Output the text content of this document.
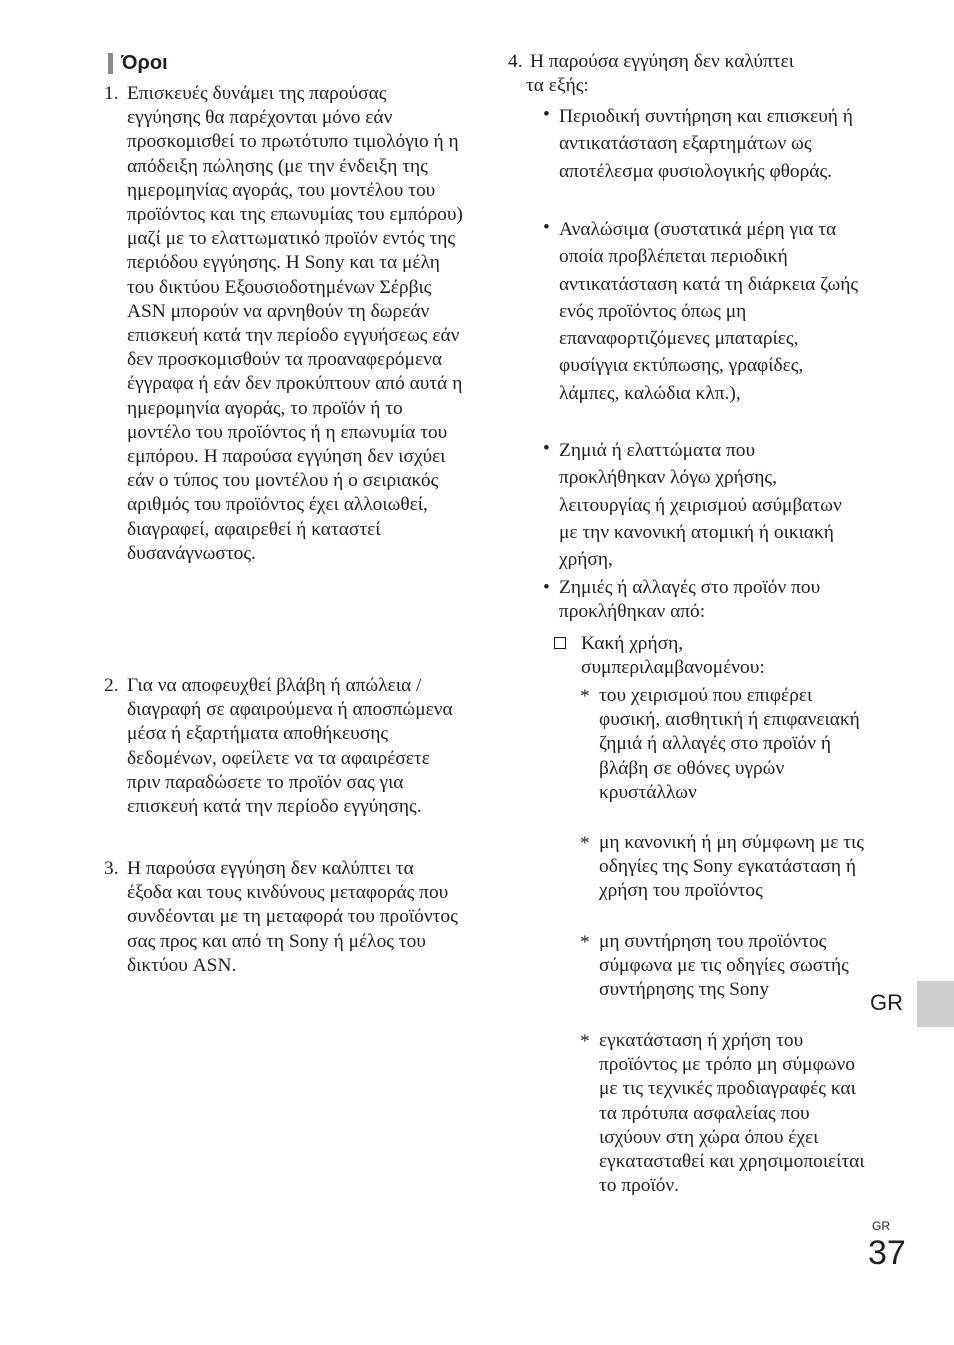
Όροι
1. Επισκευές δυνάμει της παρούσας εγγύησης θα παρέχονται μόνο εάν προσκομισθεί το πρωτότυπο τιμολόγιο ή η απόδειξη πώλησης (με την ένδειξη της ημερομηνίας αγοράς, του μοντέλου του προϊόντος και της επωνυμίας του εμπόρου) μαζί με το ελαττωματικό προϊόν εντός της περιόδου εγγύησης. Η Sony και τα μέλη του δικτύου Εξουσιοδοτημένων Σέρβις ASN μπορούν να αρνηθούν τη δωρεάν επισκευή κατά την περίοδο εγγυήσεως εάν δεν προσκομισθούν τα προαναφερόμενα έγγραφα ή εάν δεν προκύπτουν από αυτά η ημερομηνία αγοράς, το προϊόν ή το μοντέλο του προϊόντος ή η επωνυμία του εμπόρου. Η παρούσα εγγύηση δεν ισχύει εάν ο τύπος του μοντέλου ή ο σειριακός αριθμός του προϊόντος έχει αλλοιωθεί, διαγραφεί, αφαιρεθεί ή καταστεί δυσανάγνωστος.
2. Για να αποφευχθεί βλάβη ή απώλεια / διαγραφή σε αφαιρούμενα ή αποσπώμενα μέσα ή εξαρτήματα αποθήκευσης δεδομένων, οφείλετε να τα αφαιρέσετε πριν παραδώσετε το προϊόν σας για επισκευή κατά την περίοδο εγγύησης.
3. Η παρούσα εγγύηση δεν καλύπτει τα έξοδα και τους κινδύνους μεταφοράς που συνδέονται με τη μεταφορά του προϊόντος σας προς και από τη Sony ή μέλος του δικτύου ASN.
4. Η παρούσα εγγύηση δεν καλύπτει
τα εξής:
• Περιοδική συντήρηση και επισκευή ή αντικατάσταση εξαρτημάτων ως αποτέλεσμα φυσιολογικής φθοράς.
• Αναλώσιμα (συστατικά μέρη για τα οποία προβλέπεται περιοδική αντικατάσταση κατά τη διάρκεια ζωής ενός προϊόντος όπως μη επαναφορτιζόμενες μπαταρίες, φυσίγγια εκτύπωσης, γραφίδες, λάμπες, καλώδια κλπ.),
• Ζημιά ή ελαττώματα που προκλήθηκαν λόγω χρήσης, λειτουργίας ή χειρισμού ασύμβατων με την κανονική ατομική ή οικιακή χρήση,
• Ζημιές ή αλλαγές στο προϊόν που προκλήθηκαν από:
Κακή χρήση, συμπεριλαμβανομένου:
* του χειρισμού που επιφέρει φυσική, αισθητική ή επιφανειακή ζημιά ή αλλαγές στο προϊόν ή βλάβη σε οθόνες υγρών κρυστάλλων
* μη κανονική ή μη σύμφωνη με τις οδηγίες της Sony εγκατάσταση ή χρήση του προϊόντος
* μη συντήρηση του προϊόντος σύμφωνα με τις οδηγίες σωστής συντήρησης της Sony
* εγκατάσταση ή χρήση του προϊόντος με τρόπο μη σύμφωνο με τις τεχνικές προδιαγραφές και τα πρότυπα ασφαλείας που ισχύουν στη χώρα όπου έχει εγκατασταθεί και χρησιμοποιείται το προϊόν.
GR
GR
37
